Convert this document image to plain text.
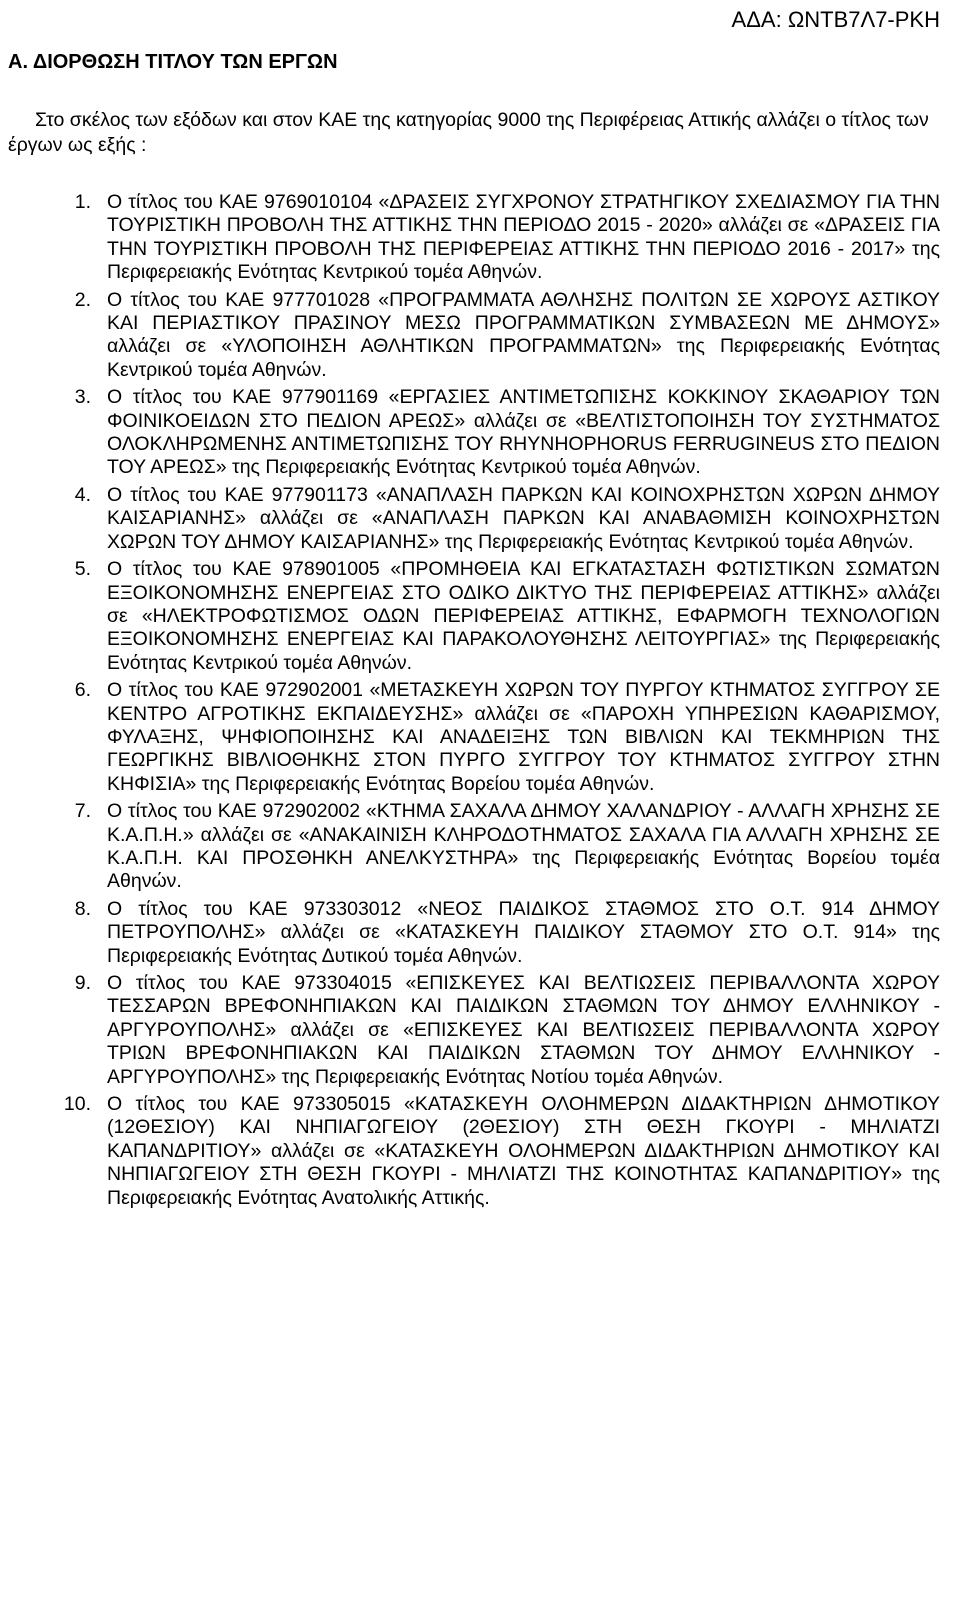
ΑΔΑ: ΩΝΤΒ7Λ7-ΡΚΗ
Α. ΔΙΟΡΘΩΣΗ ΤΙΤΛΟΥ ΤΩΝ ΕΡΓΩΝ
Στο σκέλος των εξόδων και στον ΚΑΕ της κατηγορίας 9000 της Περιφέρειας Αττικής αλλάζει ο τίτλος των έργων ως εξής :
1. Ο τίτλος του ΚΑΕ 9769010104 «ΔΡΑΣΕΙΣ ΣΥΓΧΡΟΝΟΥ ΣΤΡΑΤΗΓΙΚΟΥ ΣΧΕΔΙΑΣΜΟΥ ΓΙΑ ΤΗΝ ΤΟΥΡΙΣΤΙΚΗ ΠΡΟΒΟΛΗ ΤΗΣ ΑΤΤΙΚΗΣ ΤΗΝ ΠΕΡΙΟΔΟ 2015 - 2020» αλλάζει σε «ΔΡΑΣΕΙΣ ΓΙΑ ΤΗΝ ΤΟΥΡΙΣΤΙΚΗ ΠΡΟΒΟΛΗ ΤΗΣ ΠΕΡΙΦΕΡΕΙΑΣ ΑΤΤΙΚΗΣ ΤΗΝ ΠΕΡΙΟΔΟ 2016 - 2017» της Περιφερειακής Ενότητας Κεντρικού τομέα Αθηνών.
2. Ο τίτλος του ΚΑΕ 977701028 «ΠΡΟΓΡΑΜΜΑΤΑ ΑΘΛΗΣΗΣ ΠΟΛΙΤΩΝ ΣΕ ΧΩΡΟΥΣ ΑΣΤΙΚΟΥ ΚΑΙ ΠΕΡΙΑΣΤΙΚΟΥ ΠΡΑΣΙΝΟΥ ΜΕΣΩ ΠΡΟΓΡΑΜΜΑΤΙΚΩΝ ΣΥΜΒΑΣΕΩΝ ΜΕ ΔΗΜΟΥΣ» αλλάζει σε «ΥΛΟΠΟΙΗΣΗ ΑΘΛΗΤΙΚΩΝ ΠΡΟΓΡΑΜΜΑΤΩΝ» της Περιφερειακής Ενότητας Κεντρικού τομέα Αθηνών.
3. Ο τίτλος του ΚΑΕ 977901169 «ΕΡΓΑΣΙΕΣ ΑΝΤΙΜΕΤΩΠΙΣΗΣ ΚΟΚΚΙΝΟΥ ΣΚΑΘΑΡΙΟΥ ΤΩΝ ΦΟΙΝΙΚΟΕΙΔΩΝ ΣΤΟ ΠΕΔΙΟΝ ΑΡΕΩΣ» αλλάζει σε «ΒΕΛΤΙΣΤΟΠΟΙΗΣΗ ΤΟΥ ΣΥΣΤΗΜΑΤΟΣ ΟΛΟΚΛΗΡΩΜΕΝΗΣ ΑΝΤΙΜΕΤΩΠΙΣΗΣ ΤΟΥ RHYNHOPHORUS FERRUGINEUS ΣΤΟ ΠΕΔΙΟΝ ΤΟΥ ΑΡΕΩΣ» της Περιφερειακής Ενότητας Κεντρικού τομέα Αθηνών.
4. Ο τίτλος του ΚΑΕ 977901173 «ΑΝΑΠΛΑΣΗ ΠΑΡΚΩΝ ΚΑΙ ΚΟΙΝΟΧΡΗΣΤΩΝ ΧΩΡΩΝ ΔΗΜΟΥ ΚΑΙΣΑΡΙΑΝΗΣ» αλλάζει σε «ΑΝΑΠΛΑΣΗ ΠΑΡΚΩΝ ΚΑΙ ΑΝΑΒΑΘΜΙΣΗ ΚΟΙΝΟΧΡΗΣΤΩΝ ΧΩΡΩΝ ΤΟΥ ΔΗΜΟΥ ΚΑΙΣΑΡΙΑΝΗΣ» της Περιφερειακής Ενότητας Κεντρικού τομέα Αθηνών.
5. Ο τίτλος του ΚΑΕ 978901005 «ΠΡΟΜΗΘΕΙΑ ΚΑΙ ΕΓΚΑΤΑΣΤΑΣΗ ΦΩΤΙΣΤΙΚΩΝ ΣΩΜΑΤΩΝ ΕΞΟΙΚΟΝΟΜΗΣΗΣ ΕΝΕΡΓΕΙΑΣ ΣΤΟ ΟΔΙΚΟ ΔΙΚΤΥΟ ΤΗΣ ΠΕΡΙΦΕΡΕΙΑΣ ΑΤΤΙΚΗΣ» αλλάζει σε «ΗΛΕΚΤΡΟΦΩΤΙΣΜΟΣ ΟΔΩΝ ΠΕΡΙΦΕΡΕΙΑΣ ΑΤΤΙΚΗΣ, ΕΦΑΡΜΟΓΗ ΤΕΧΝΟΛΟΓΙΩΝ ΕΞΟΙΚΟΝΟΜΗΣΗΣ ΕΝΕΡΓΕΙΑΣ ΚΑΙ ΠΑΡΑΚΟΛΟΥΘΗΣΗΣ ΛΕΙΤΟΥΡΓΙΑΣ» της Περιφερειακής Ενότητας Κεντρικού τομέα Αθηνών.
6. Ο τίτλος του ΚΑΕ 972902001 «ΜΕΤΑΣΚΕΥΗ ΧΩΡΩΝ ΤΟΥ ΠΥΡΓΟΥ ΚΤΗΜΑΤΟΣ ΣΥΓΓΡΟΥ ΣΕ ΚΕΝΤΡΟ ΑΓΡΟΤΙΚΗΣ ΕΚΠΑΙΔΕΥΣΗΣ» αλλάζει σε «ΠΑΡΟΧΗ ΥΠΗΡΕΣΙΩΝ ΚΑΘΑΡΙΣΜΟΥ, ΦΥΛΑΞΗΣ, ΨΗΦΙΟΠΟΙΗΣΗΣ ΚΑΙ ΑΝΑΔΕΙΞΗΣ ΤΩΝ ΒΙΒΛΙΩΝ ΚΑΙ ΤΕΚΜΗΡΙΩΝ ΤΗΣ ΓΕΩΡΓΙΚΗΣ ΒΙΒΛΙΟΘΗΚΗΣ ΣΤΟΝ ΠΥΡΓΟ ΣΥΓΓΡΟΥ ΤΟΥ ΚΤΗΜΑΤΟΣ ΣΥΓΓΡΟΥ ΣΤΗΝ ΚΗΦΙΣΙΑ» της Περιφερειακής Ενότητας Βορείου τομέα Αθηνών.
7. Ο τίτλος του ΚΑΕ 972902002 «ΚΤΗΜΑ ΣΑΧΑΛΑ ΔΗΜΟΥ ΧΑΛΑΝΔΡΙΟΥ - ΑΛΛΑΓΗ ΧΡΗΣΗΣ ΣΕ Κ.Α.Π.Η.» αλλάζει σε «ΑΝΑΚΑΙΝΙΣΗ ΚΛΗΡΟΔΟΤΗΜΑΤΟΣ ΣΑΧΑΛΑ ΓΙΑ ΑΛΛΑΓΗ ΧΡΗΣΗΣ ΣΕ Κ.Α.Π.Η. ΚΑΙ ΠΡΟΣΘΗΚΗ ΑΝΕΛΚΥΣΤΗΡΑ» της Περιφερειακής Ενότητας Βορείου τομέα Αθηνών.
8. Ο τίτλος του ΚΑΕ 973303012 «ΝΕΟΣ ΠΑΙΔΙΚΟΣ ΣΤΑΘΜΟΣ ΣΤΟ Ο.Τ. 914 ΔΗΜΟΥ ΠΕΤΡΟΥΠΟΛΗΣ» αλλάζει σε «ΚΑΤΑΣΚΕΥΗ ΠΑΙΔΙΚΟΥ ΣΤΑΘΜΟΥ ΣΤΟ Ο.Τ. 914» της Περιφερειακής Ενότητας Δυτικού τομέα Αθηνών.
9. Ο τίτλος του ΚΑΕ 973304015 «ΕΠΙΣΚΕΥΕΣ ΚΑΙ ΒΕΛΤΙΩΣΕΙΣ ΠΕΡΙΒΑΛΛΟΝΤΑ ΧΩΡΟΥ ΤΕΣΣΑΡΩΝ ΒΡΕΦΟΝΗΠΙΑΚΩΝ ΚΑΙ ΠΑΙΔΙΚΩΝ ΣΤΑΘΜΩΝ ΤΟΥ ΔΗΜΟΥ ΕΛΛΗΝΙΚΟΥ - ΑΡΓΥΡΟΥΠΟΛΗΣ» αλλάζει σε «ΕΠΙΣΚΕΥΕΣ ΚΑΙ ΒΕΛΤΙΩΣΕΙΣ ΠΕΡΙΒΑΛΛΟΝΤΑ ΧΩΡΟΥ ΤΡΙΩΝ ΒΡΕΦΟΝΗΠΙΑΚΩΝ ΚΑΙ ΠΑΙΔΙΚΩΝ ΣΤΑΘΜΩΝ ΤΟΥ ΔΗΜΟΥ ΕΛΛΗΝΙΚΟΥ - ΑΡΓΥΡΟΥΠΟΛΗΣ» της Περιφερειακής Ενότητας Νοτίου τομέα Αθηνών.
10. Ο τίτλος του ΚΑΕ 973305015 «ΚΑΤΑΣΚΕΥΗ ΟΛΟΗΜΕΡΩΝ ΔΙΔΑΚΤΗΡΙΩΝ ΔΗΜΟΤΙΚΟΥ (12ΘΕΣΙΟΥ) ΚΑΙ ΝΗΠΙΑΓΩΓΕΙΟΥ (2ΘΕΣΙΟΥ) ΣΤΗ ΘΕΣΗ ΓΚΟΥΡΙ - ΜΗΛΙΑΤΖΙ ΚΑΠΑΝΔΡΙΤΙΟΥ» αλλάζει σε «ΚΑΤΑΣΚΕΥΗ ΟΛΟΗΜΕΡΩΝ ΔΙΔΑΚΤΗΡΙΩΝ ΔΗΜΟΤΙΚΟΥ ΚΑΙ ΝΗΠΙΑΓΩΓΕΙΟΥ ΣΤΗ ΘΕΣΗ ΓΚΟΥΡΙ - ΜΗΛΙΑΤΖΙ ΤΗΣ ΚΟΙΝΟΤΗΤΑΣ ΚΑΠΑΝΔΡΙΤΙΟΥ» της Περιφερειακής Ενότητας Ανατολικής Αττικής.
